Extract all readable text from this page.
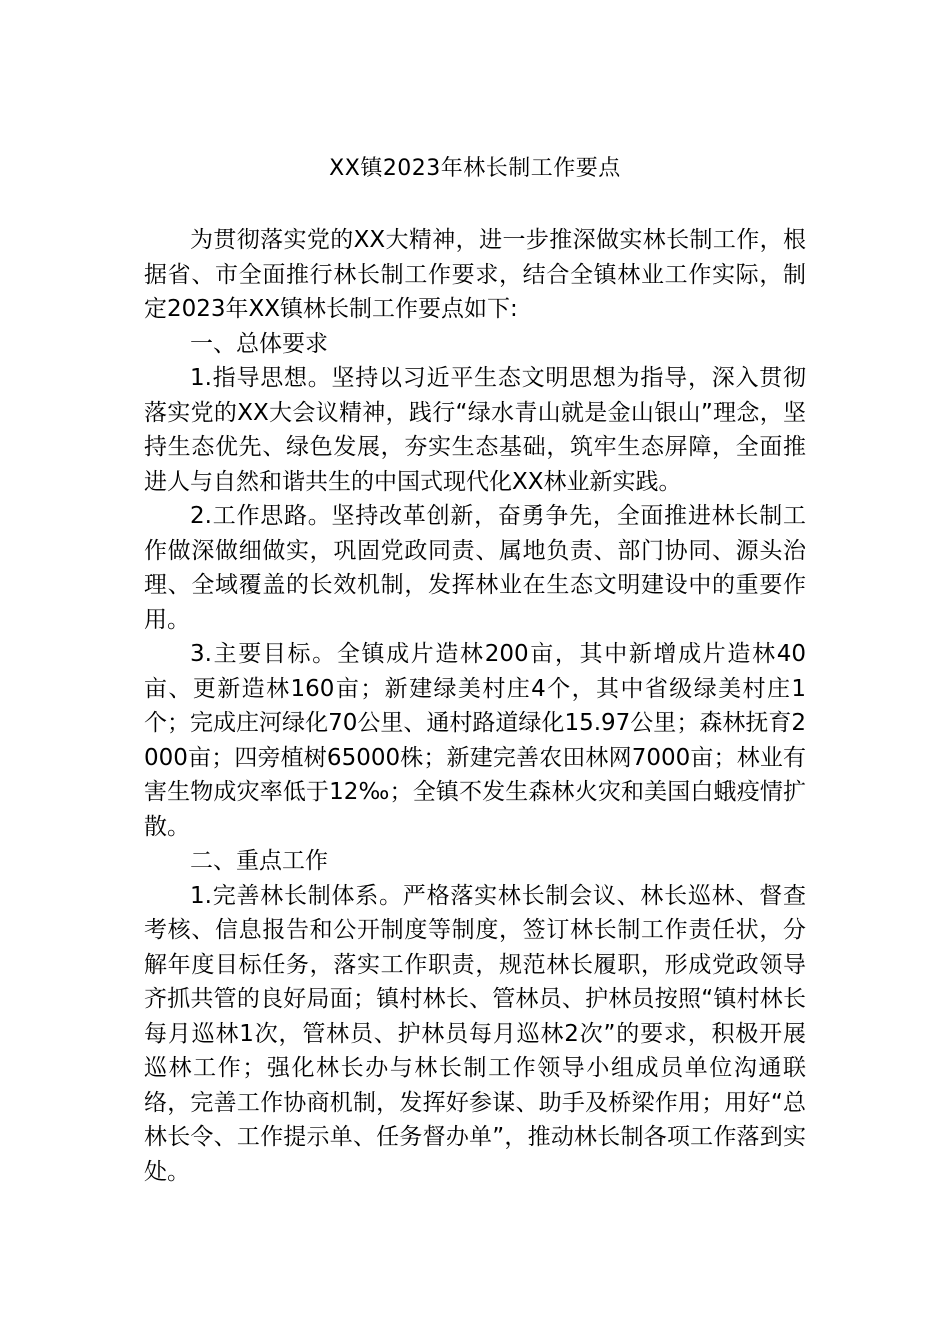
XX镇2023年林长制工作要点

为贯彻落实党的XX大精神，进一步推深做实林长制工作，根据省、市全面推行林长制工作要求，结合全镇林业工作实际，制定2023年XX镇林长制工作要点如下:

一、总体要求

1.指导思想。坚持以习近平生态文明思想为指导，深入贯彻落实党的XX大会议精神，践行“绿水青山就是金山银山”理念，坚持生态优先、绿色发展，夯实生态基础，筑牢生态屏障，全面推进人与自然和谐共生的中国式现代化XX林业新实践。

2.工作思路。坚持改革创新，奋勇争先，全面推进林长制工作做深做细做实，巩固党政同责、属地负责、部门协同、源头治理、全域覆盖的长效机制，发挥林业在生态文明建设中的重要作用。

3.主要目标。全镇成片造林200亩，其中新增成片造林40亩、更新造林160亩；新建绿美村庄4个，其中省级绿美村庄1个；完成庄河绿化70公里、通村路道绿化15.97公里；森林抚育2000亩；四旁植树65000株；新建完善农田林网7000亩；林业有害生物成灾率低于12‰；全镇不发生森林火灾和美国白蛾疫情扩散。

二、重点工作

1.完善林长制体系。严格落实林长制会议、林长巡林、督查考核、信息报告和公开制度等制度，签订林长制工作责任状，分解年度目标任务，落实工作职责，规范林长履职，形成党政领导齐抓共管的良好局面；镇村林长、管林员、护林员按照“镇村林长每月巡林1次，管林员、护林员每月巡林2次”的要求，积极开展巡林工作；强化林长办与林长制工作领导小组成员单位沟通联络，完善工作协商机制，发挥好参谋、助手及桥梁作用；用好“总林长令、工作提示单、任务督办单”，推动林长制各项工作落到实处。
